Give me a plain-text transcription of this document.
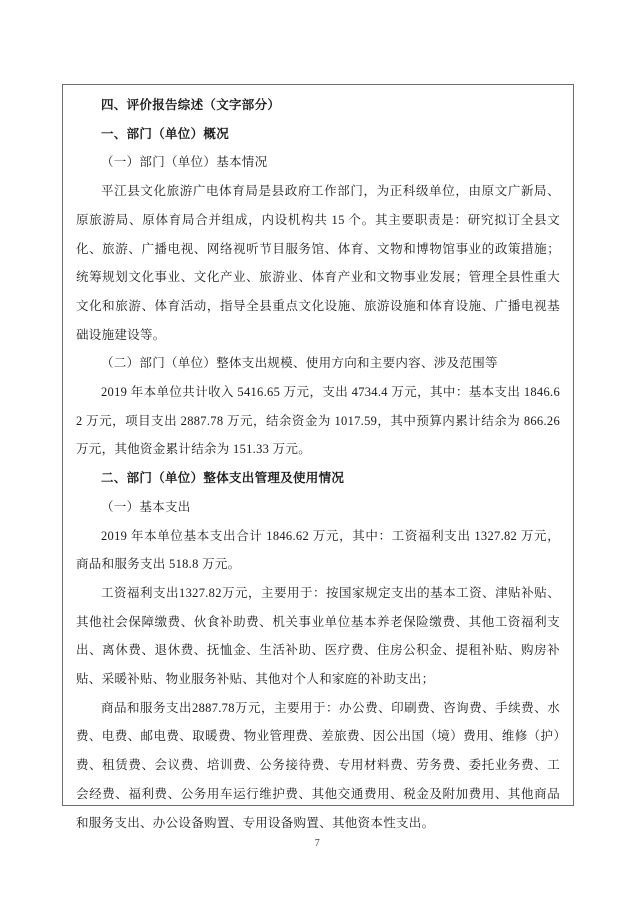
四、评价报告综述（文字部分）

一、部门（单位）概况

（一）部门（单位）基本情况

平江县文化旅游广电体育局是县政府工作部门，为正科级单位，由原文广新局、原旅游局、原体育局合并组成，内设机构共 15 个。其主要职责是：研究拟订全县文化、旅游、广播电视、网络视听节目服务馆、体育、文物和博物馆事业的政策措施；统筹规划文化事业、文化产业、旅游业、体育产业和文物事业发展；管理全县性重大文化和旅游、体育活动，指导全县重点文化设施、旅游设施和体育设施、广播电视基础设施建设等。

（二）部门（单位）整体支出规模、使用方向和主要内容、涉及范围等

2019 年本单位共计收入 5416.65 万元，支出 4734.4 万元，其中：基本支出 1846.62 万元，项目支出 2887.78 万元，结余资金为 1017.59，其中预算内累计结余为 866.26 万元，其他资金累计结余为 151.33 万元。

二、部门（单位）整体支出管理及使用情况

（一）基本支出

2019 年本单位基本支出合计 1846.62 万元，其中：工资福利支出 1327.82 万元，商品和服务支出 518.8 万元。

工资福利支出1327.82万元，主要用于：按国家规定支出的基本工资、津贴补贴、其他社会保障缴费、伙食补助费、机关事业单位基本养老保险缴费、其他工资福利支出、离休费、退休费、抚恤金、生活补助、医疗费、住房公积金、提租补贴、购房补贴、采暖补贴、物业服务补贴、其他对个人和家庭的补助支出；

商品和服务支出2887.78万元，主要用于：办公费、印刷费、咨询费、手续费、水费、电费、邮电费、取暖费、物业管理费、差旅费、因公出国（境）费用、维修（护）费、租赁费、会议费、培训费、公务接待费、专用材料费、劳务费、委托业务费、工会经费、福利费、公务用车运行维护费、其他交通费用、税金及附加费用、其他商品和服务支出、办公设备购置、专用设备购置、其他资本性支出。

7
